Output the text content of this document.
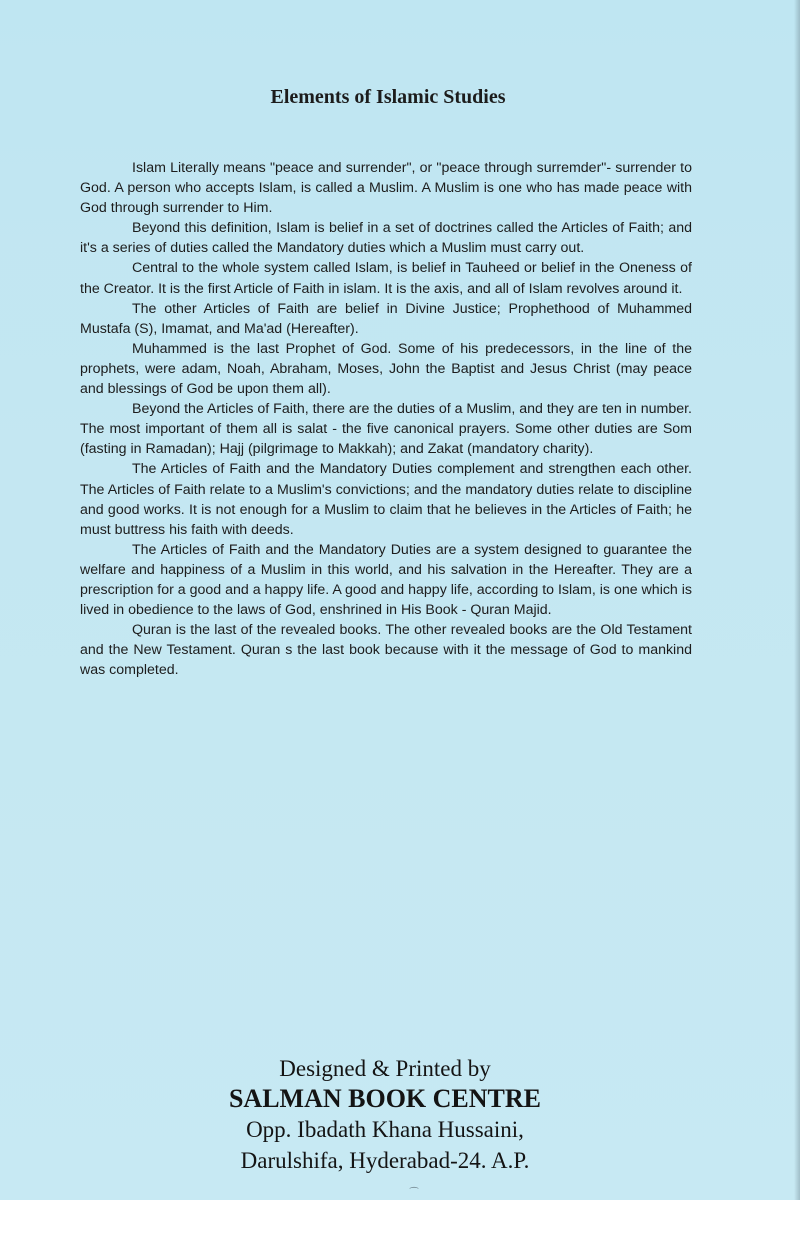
Elements of Islamic Studies

Islam Literally means "peace and surrender", or "peace through surremder"- surrender to God. A person who accepts Islam, is called a Muslim. A Muslim is one who has made peace with God through surrender to Him.

Beyond this definition, Islam is belief in a set of doctrines called the Articles of Faith; and it's a series of duties called the Mandatory duties which a Muslim must carry out.

Central to the whole system called Islam, is belief in Tauheed or belief in the Oneness of the Creator. It is the first Article of Faith in islam. It is the axis, and all of Islam revolves around it.

The other Articles of Faith are belief in Divine Justice; Prophethood of Muhammed Mustafa (S), Imamat, and Ma'ad (Hereafter).

Muhammed is the last Prophet of God. Some of his predecessors, in the line of the prophets, were adam, Noah, Abraham, Moses, John the Baptist and Jesus Christ (may peace and blessings of God be upon them all).

Beyond the Articles of Faith, there are the duties of a Muslim, and they are ten in number. The most important of them all is salat - the five canonical prayers. Some other duties are Som (fasting in Ramadan); Hajj (pilgrimage to Makkah); and Zakat (mandatory charity).

The Articles of Faith and the Mandatory Duties complement and strengthen each other. The Articles of Faith relate to a Muslim's convictions; and the mandatory duties relate to discipline and good works. It is not enough for a Muslim to claim that he believes in the Articles of Faith; he must buttress his faith with deeds.

The Articles of Faith and the Mandatory Duties are a system designed to guarantee the welfare and happiness of a Muslim in this world, and his salvation in the Hereafter. They are a prescription for a good and a happy life. A good and happy life, according to Islam, is one which is lived in obedience to the laws of God, enshrined in His Book - Quran Majid.

Quran is the last of the revealed books. The other revealed books are the Old Testament and the New Testament. Quran s the last book because with it the message of God to mankind was completed.

Designed & Printed by
SALMAN BOOK CENTRE
Opp. Ibadath Khana Hussaini,
Darulshifa, Hyderabad-24. A.P.
⁀
